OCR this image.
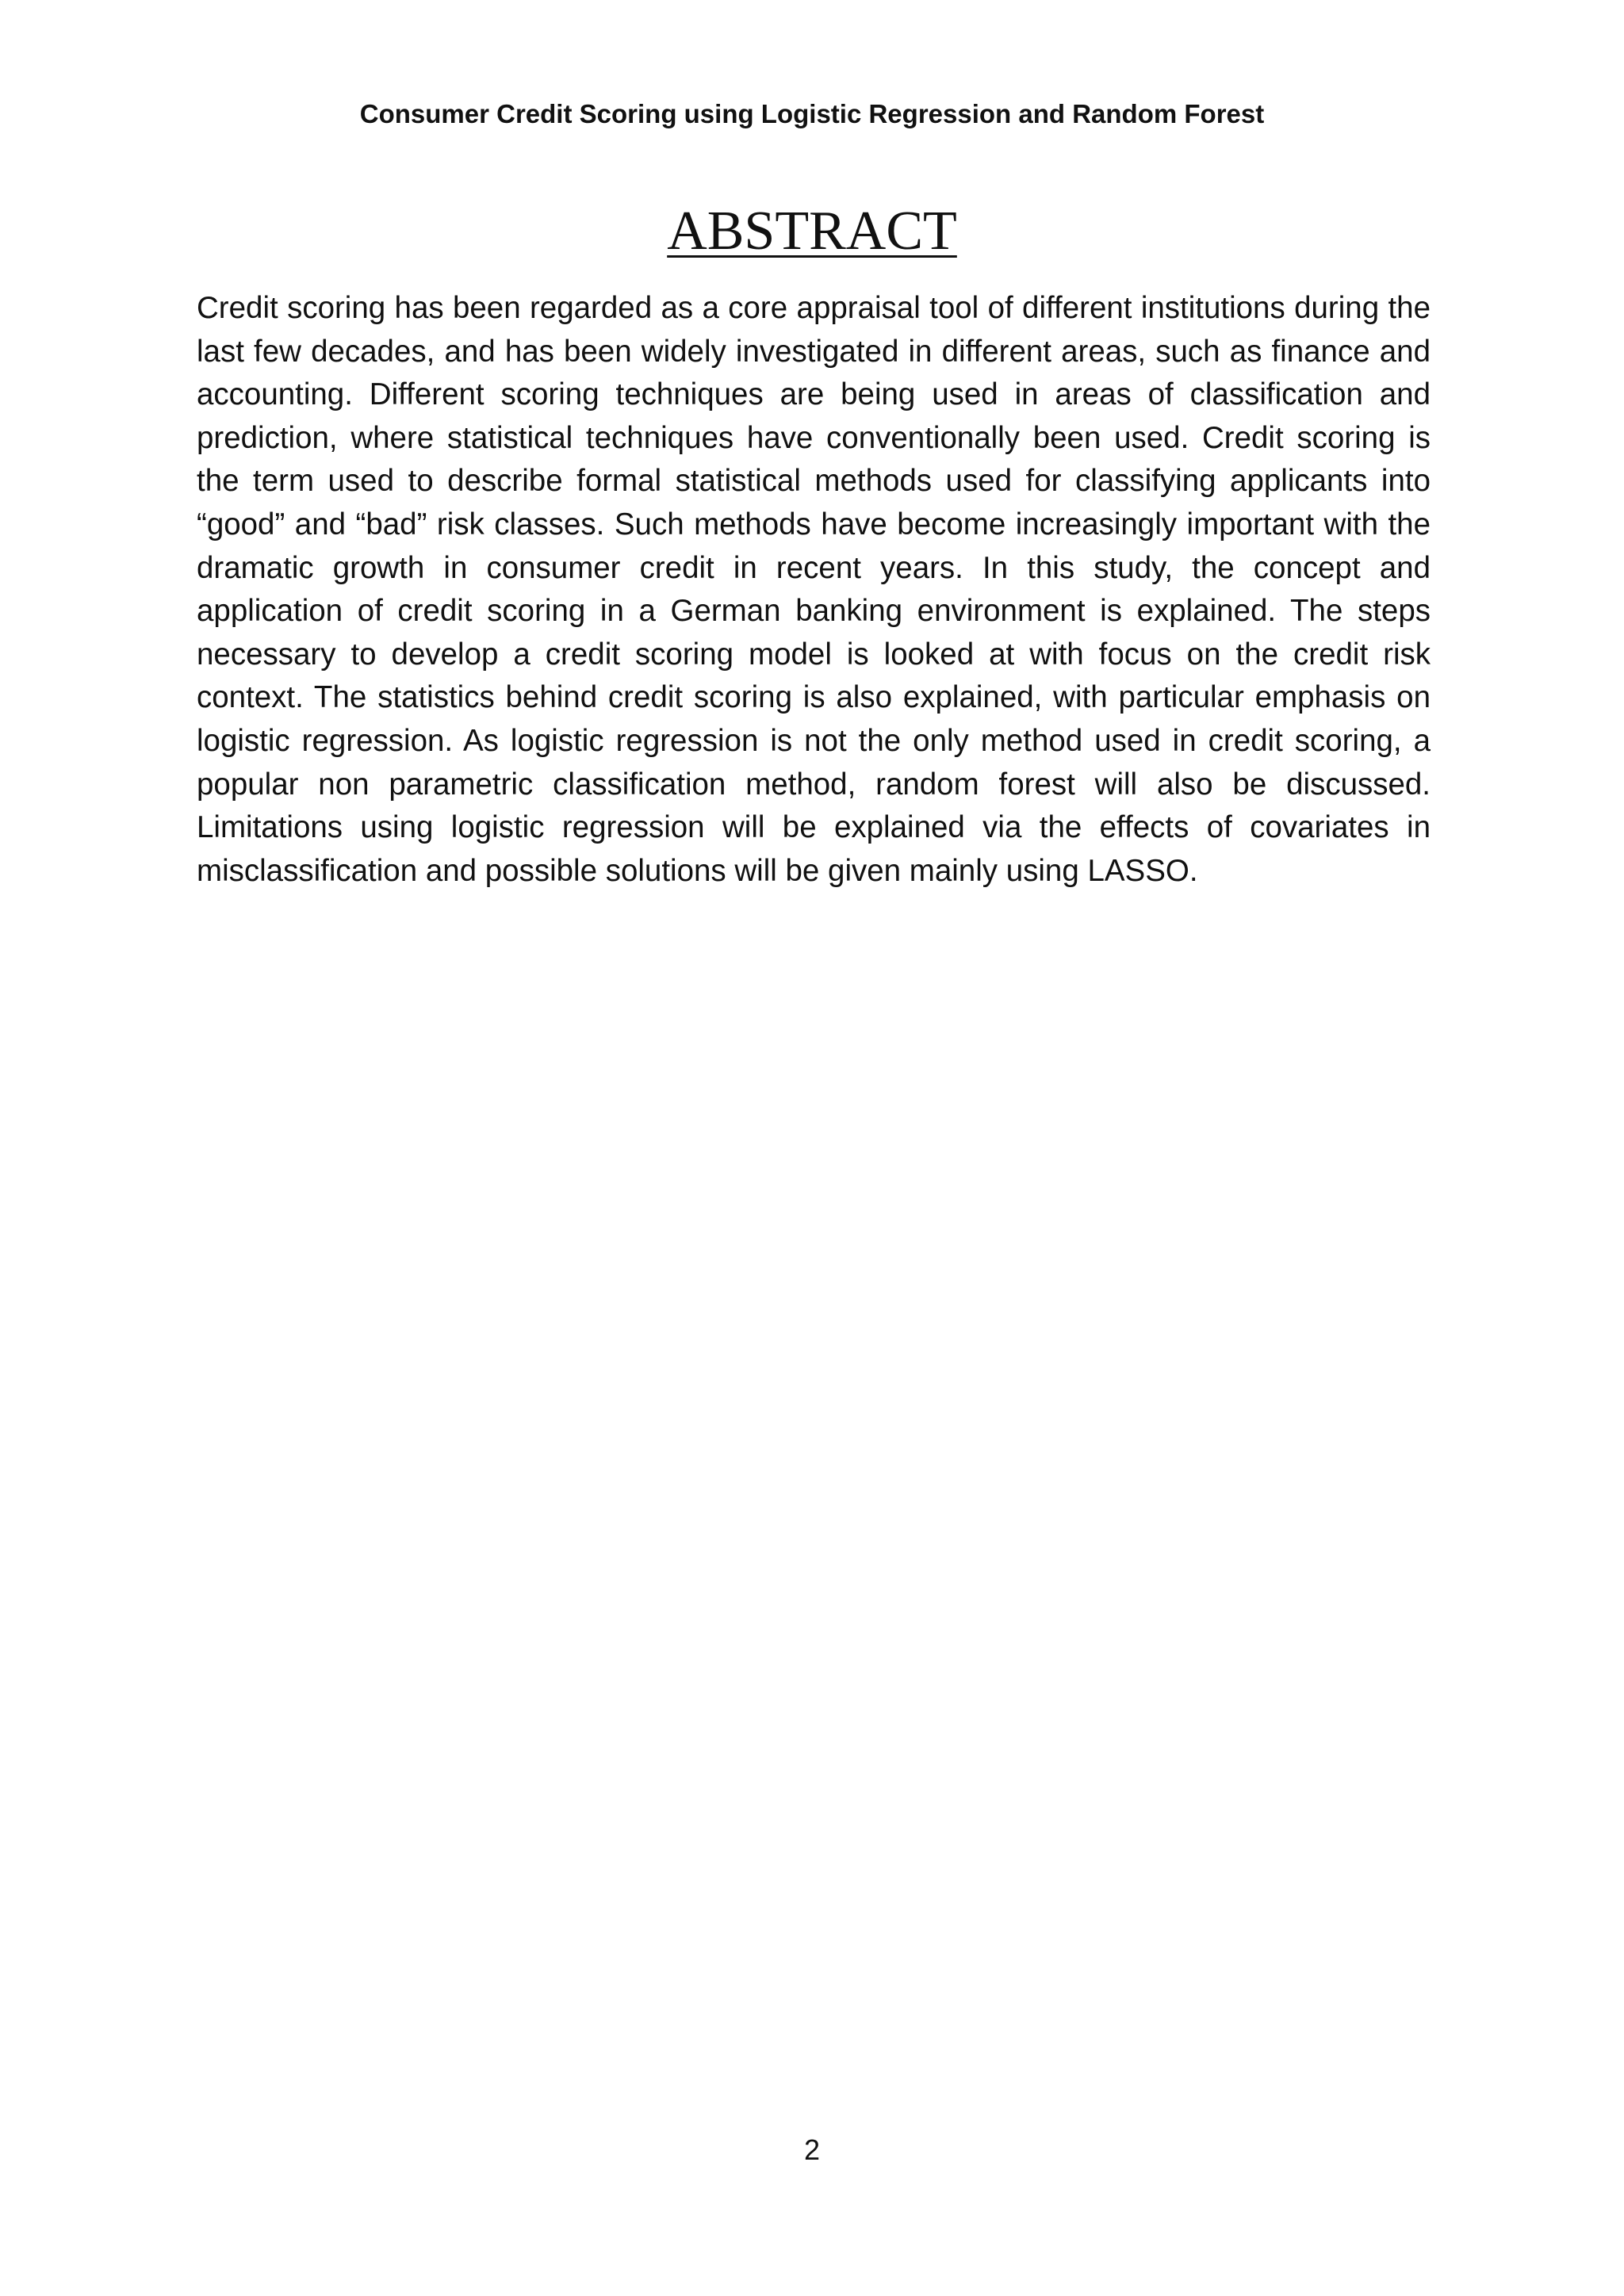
Consumer Credit Scoring using Logistic Regression and Random Forest
ABSTRACT

Credit scoring has been regarded as a core appraisal tool of different institutions during the last few decades, and has been widely investigated in different areas, such as finance and accounting. Different scoring techniques are being used in areas of classification and prediction, where statistical techniques have conventionally been used. Credit scoring is the term used to describe formal statistical methods used for classifying applicants into “good” and “bad” risk classes. Such methods have become increasingly important with the dramatic growth in consumer credit in recent years. In this study, the concept and application of credit scoring in a German banking environment is explained. The steps necessary to develop a credit scoring model is looked at with focus on the credit risk context. The statistics behind credit scoring is also explained, with particular emphasis on logistic regression. As logistic regression is not the only method used in credit scoring, a popular non parametric classification method, random forest will also be discussed. Limitations using logistic regression will be explained via the effects of covariates in misclassification and possible solutions will be given mainly using LASSO.

2
